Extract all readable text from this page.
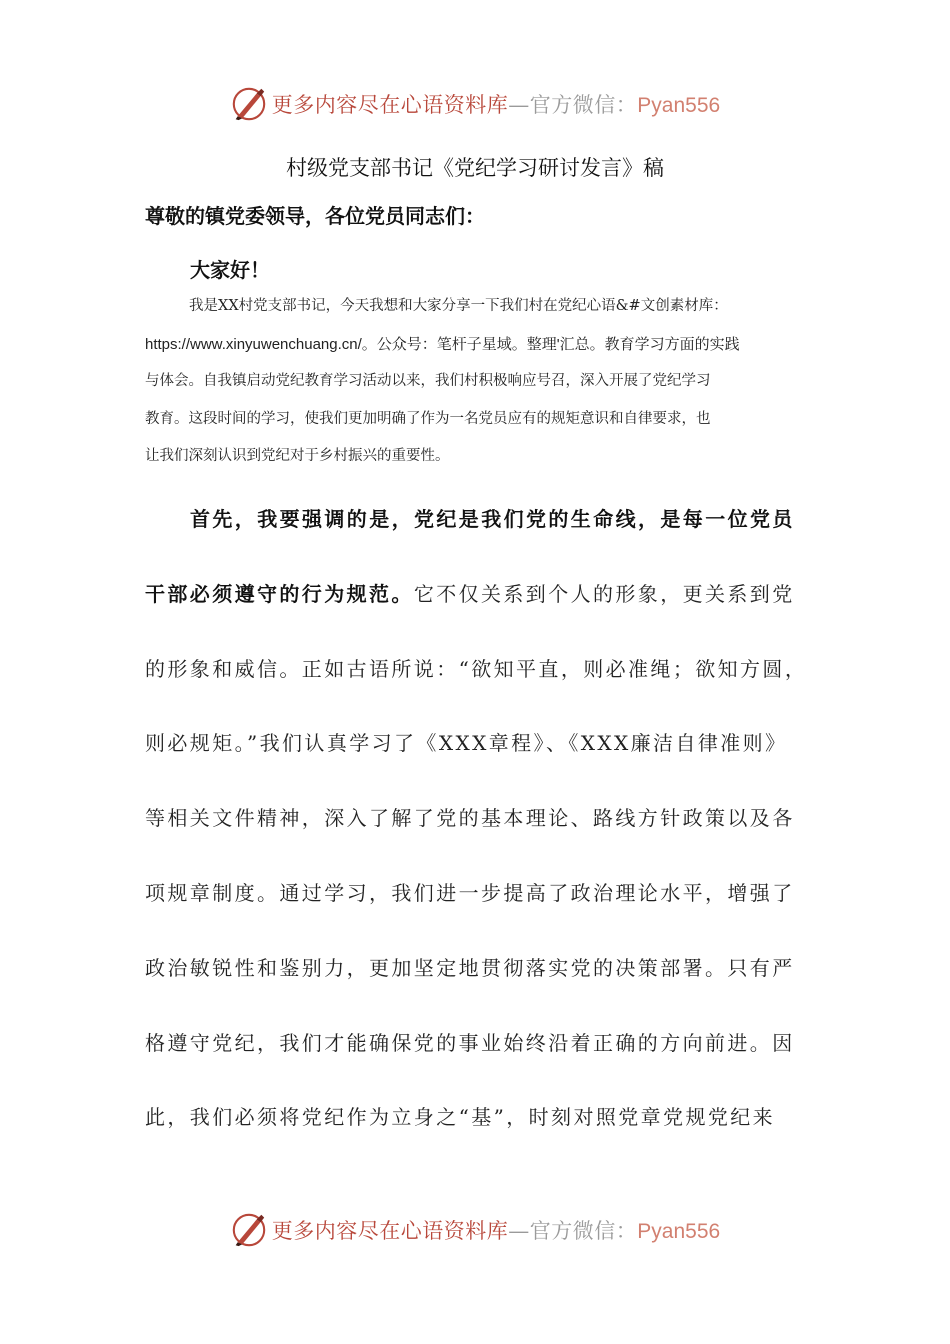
更多内容尽在心语资料库—官方微信：Pyan556
村级党支部书记《党纪学习研讨发言》稿
尊敬的镇党委领导，各位党员同志们：
大家好！
我是XX村党支部书记，今天我想和大家分享一下我们村在党纪心语&#文创素材库：
https://www.xinyuwenchuang.cn/。公众号：笔杆子星域。整理'汇总。教育学习方面的实践
与体会。自我镇启动党纪教育学习活动以来，我们村积极响应号召，深入开展了党纪学习
教育。这段时间的学习，使我们更加明确了作为一名党员应有的规矩意识和自律要求，也
让我们深刻认识到党纪对于乡村振兴的重要性。
首先，我要强调的是，党纪是我们党的生命线，是每一位党员
干部必须遵守的行为规范。它不仅关系到个人的形象，更关系到党
的形象和威信。正如古语所说：“欲知平直，则必准绳；欲知方圆，
则必规矩。”我们认真学习了《XXX章程》、《XXX廉洁自律准则》
等相关文件精神，深入了解了党的基本理论、路线方针政策以及各
项规章制度。通过学习，我们进一步提高了政治理论水平，增强了
政治敏锐性和鉴别力，更加坚定地贯彻落实党的决策部署。只有严
格遵守党纪，我们才能确保党的事业始终沿着正确的方向前进。因
此，我们必须将党纪作为立身之“基”，时刻对照党章党规党纪来
更多内容尽在心语资料库—官方微信：Pyan556
